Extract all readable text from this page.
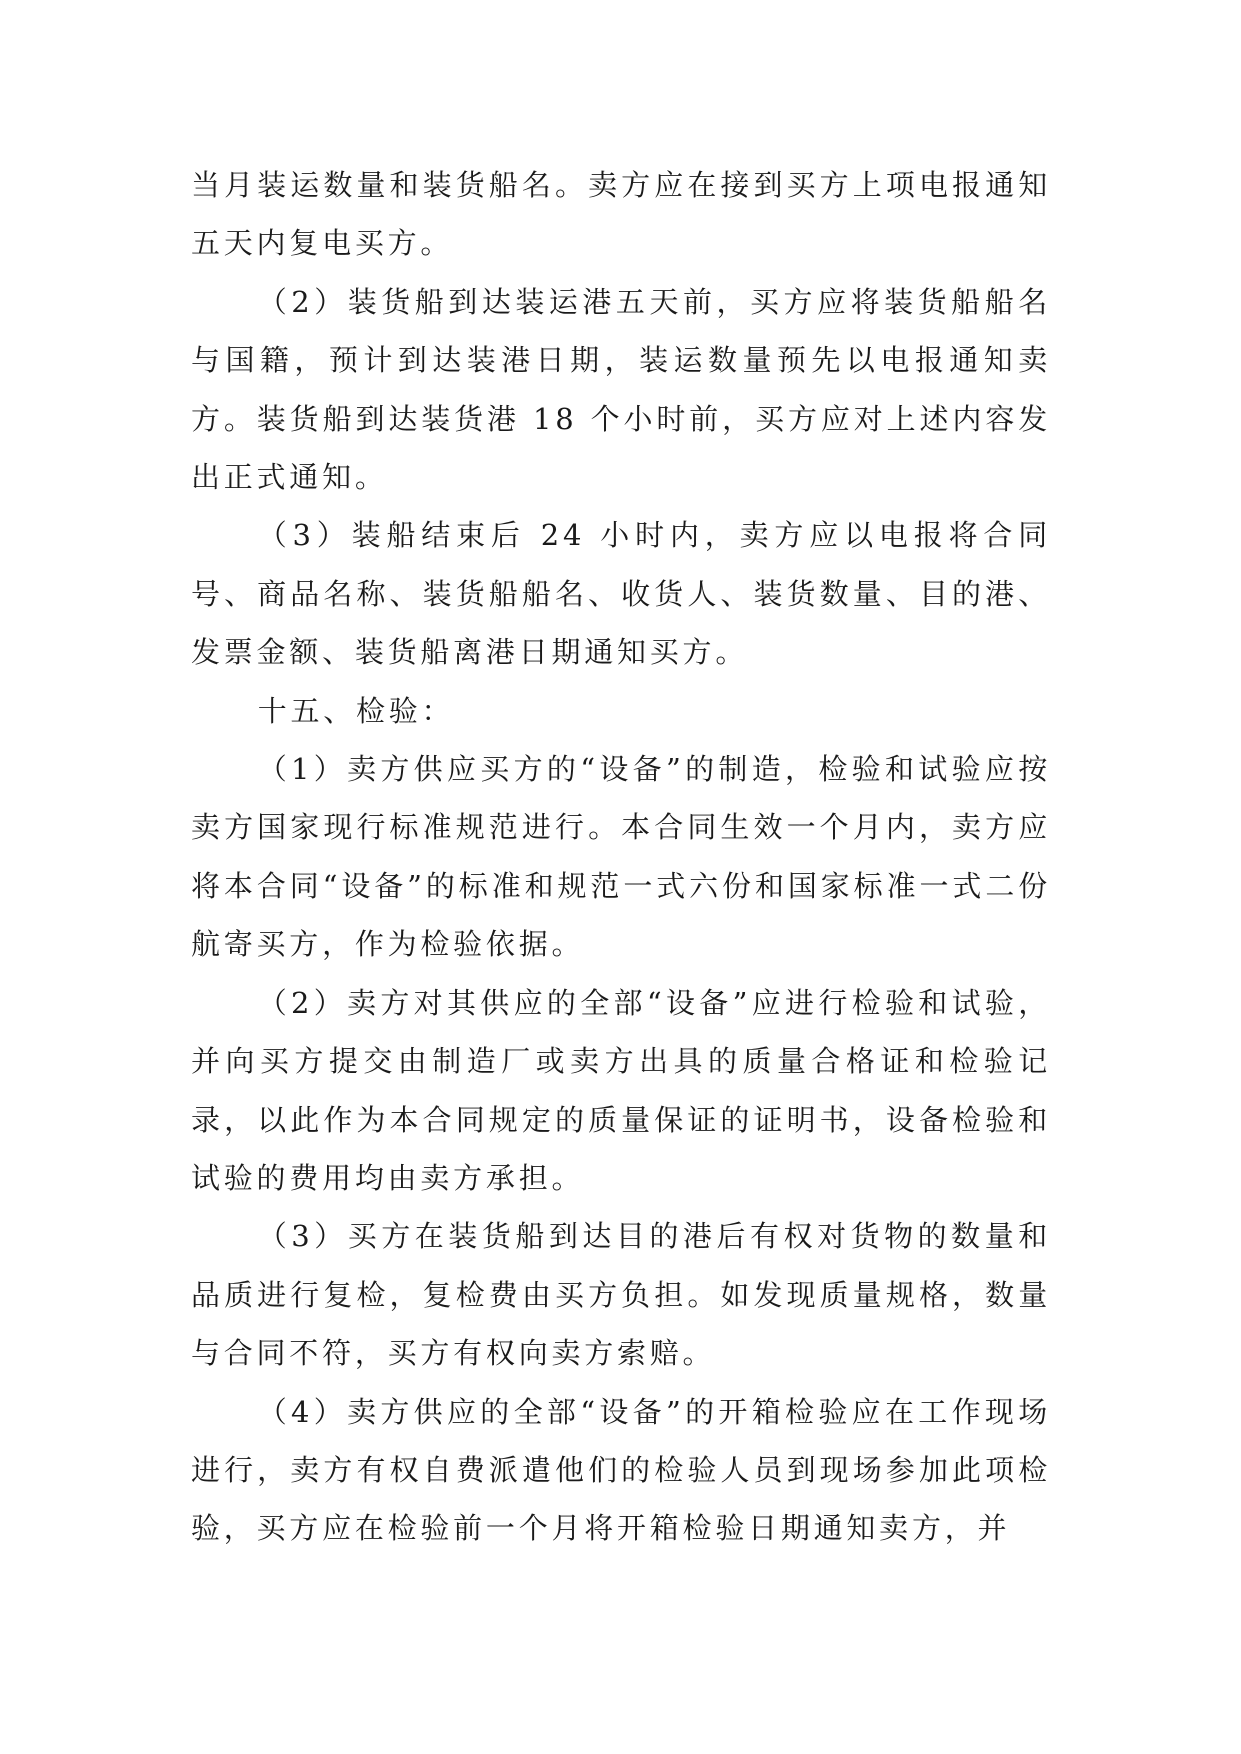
当月装运数量和装货船名。卖方应在接到买方上项电报通知五天内复电买方。

（2）装货船到达装运港五天前，买方应将装货船船名与国籍，预计到达装港日期，装运数量预先以电报通知卖方。装货船到达装货港 18 个小时前，买方应对上述内容发出正式通知。

（3）装船结束后 24 小时内，卖方应以电报将合同号、商品名称、装货船船名、收货人、装货数量、目的港、发票金额、装货船离港日期通知买方。

十五、检验：

（1）卖方供应买方的“设备”的制造，检验和试验应按卖方国家现行标准规范进行。本合同生效一个月内，卖方应将本合同“设备”的标准和规范一式六份和国家标准一式二份航寄买方，作为检验依据。

（2）卖方对其供应的全部“设备”应进行检验和试验，并向买方提交由制造厂或卖方出具的质量合格证和检验记录，以此作为本合同规定的质量保证的证明书，设备检验和试验的费用均由卖方承担。

（3）买方在装货船到达目的港后有权对货物的数量和品质进行复检，复检费由买方负担。如发现质量规格，数量与合同不符，买方有权向卖方索赔。

（4）卖方供应的全部“设备”的开箱检验应在工作现场进行，卖方有权自费派遣他们的检验人员到现场参加此项检验，买方应在检验前一个月将开箱检验日期通知卖方，并
